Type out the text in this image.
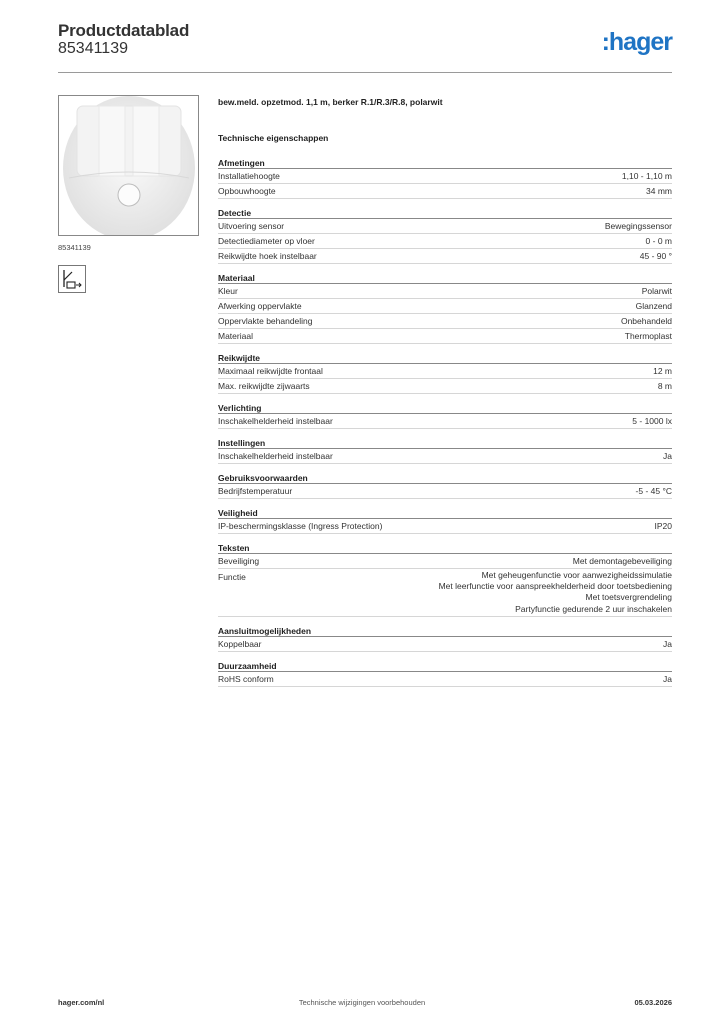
Productdatablad
85341139	:hager
85341139
bew.meld. opzetmod. 1,1 m, berker R.1/R.3/R.8, polarwit
Technische eigenschappen
Afmetingen
Installatiehoogte	1,10 - 1,10 m
Opbouwhoogte	34 mm
Detectie
Uitvoering sensor	Bewegingssensor
Detectiediameter op vloer	0 - 0 m
Reikwijdte hoek instelbaar	45 - 90 °
Materiaal
Kleur	Polarwit
Afwerking oppervlakte	Glanzend
Oppervlakte behandeling	Onbehandeld
Materiaal	Thermoplast
Reikwijdte
Maximaal reikwijdte frontaal	12 m
Max. reikwijdte zijwaarts	8 m
Verlichting
Inschakelhelderheid instelbaar	5 - 1000 lx
Instellingen
Inschakelhelderheid instelbaar	Ja
Gebruiksvoorwaarden
Bedrijfstemperatuur	-5 - 45 °C
Veiligheid
IP-beschermingsklasse (Ingress Protection)	IP20
Teksten
Beveiliging	Met demontagebeveiliging
Functie	Met geheugenfunctie voor aanwezigheidssimulatie
Met leerfunctie voor aanspreekhelderheid door toetsbediening
Met toetsvergrendeling
Partyfunctie gedurende 2 uur inschakelen
Aansluitmogelijkheden
Koppelbaar	Ja
Duurzaamheid
RoHS conform	Ja
hager.com/nl	Technische wijzigingen voorbehouden	05.03.2026
